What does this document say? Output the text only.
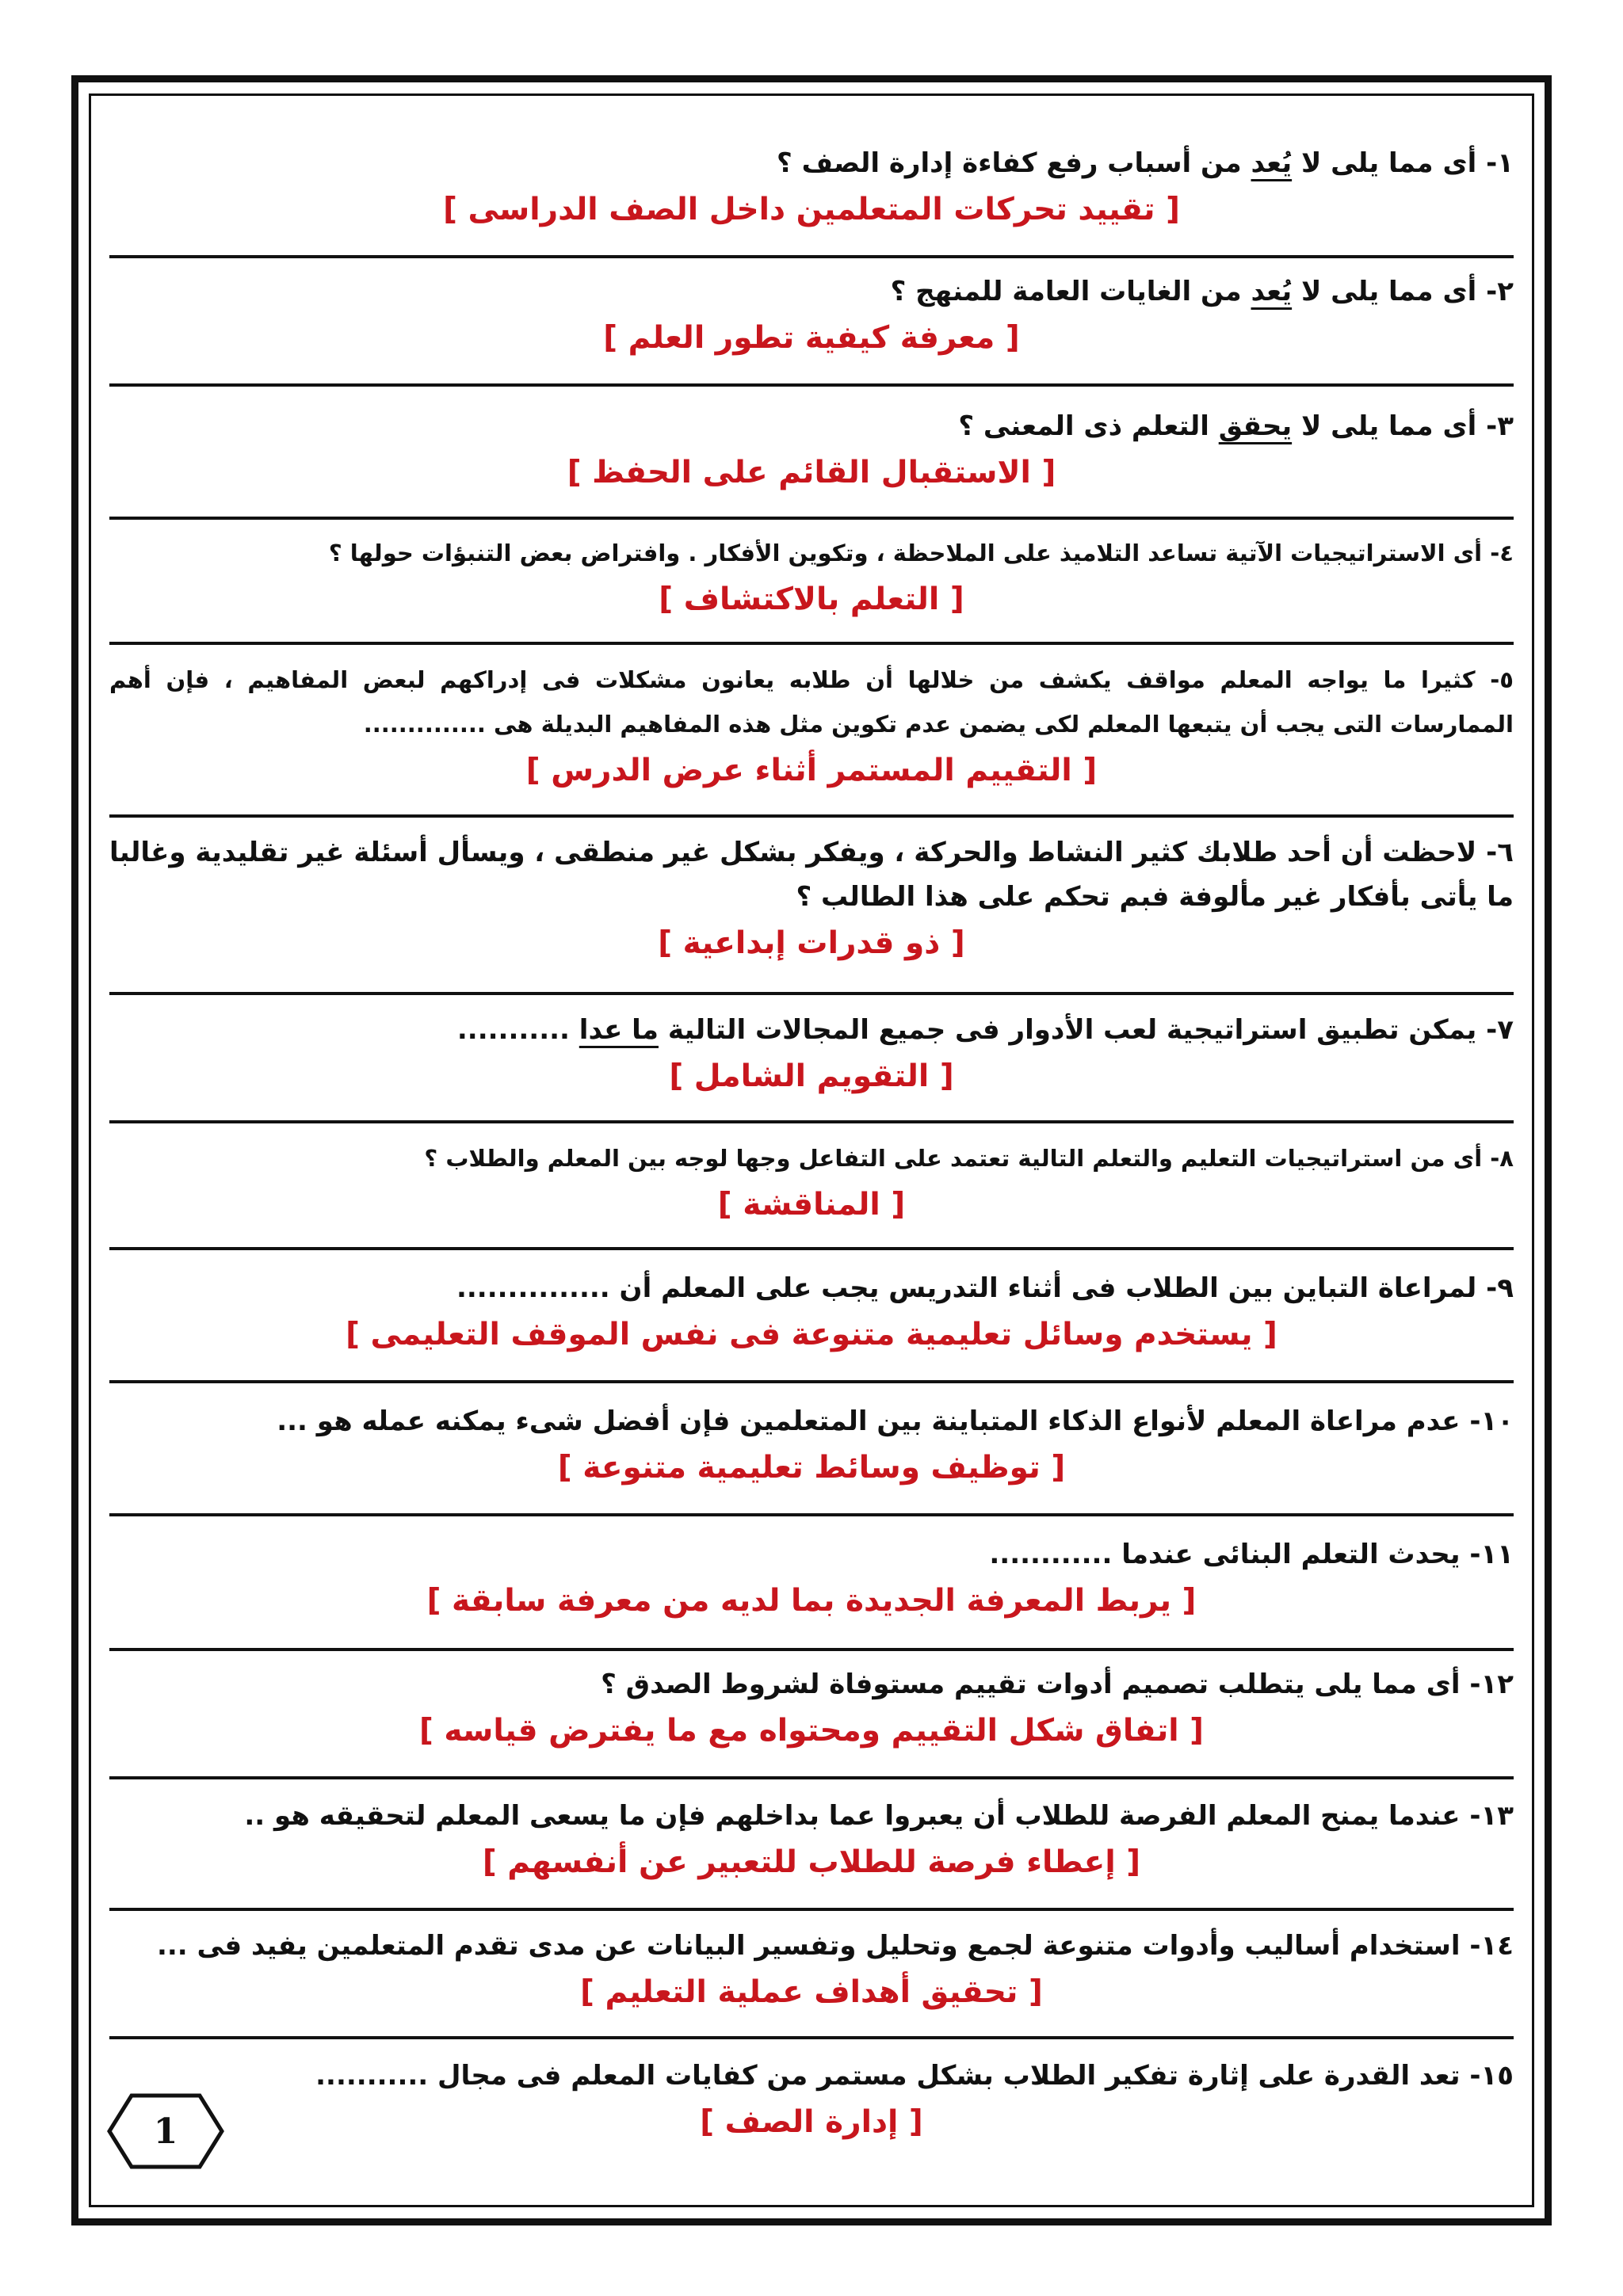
١- أى مما يلى لا يُعد من أسباب رفع كفاءة إدارة الصف ؟
[ تقييد تحركات المتعلمين داخل الصف الدراسى ]
٢- أى مما يلى لا يُعد من الغايات العامة للمنهج ؟
[ معرفة كيفية تطور العلم ]
٣- أى مما يلى لا يحقق التعلم ذى المعنى ؟
[ الاستقبال القائم على الحفظ ]
٤- أى الاستراتيجيات الآتية تساعد التلاميذ على الملاحظة ، وتكوين الأفكار . وافتراض بعض التنبؤات حولها ؟
[ التعلم بالاكتشاف ]
٥- كثيرا ما يواجه المعلم مواقف يكشف من خلالها أن طلابه يعانون مشكلات فى إدراكهم لبعض المفاهيم ، فإن أهم الممارسات التى يجب أن يتبعها المعلم لكى يضمن عدم تكوين مثل هذه المفاهيم البديلة هى ..............
[ التقييم المستمر أثناء عرض الدرس ]
٦- لاحظت أن أحد طلابك كثير النشاط والحركة ، ويفكر بشكل غير منطقى ، ويسأل أسئلة غير تقليدية وغالبا ما يأتى بأفكار غير مألوفة فبم تحكم على هذا الطالب ؟
[ ذو قدرات إبداعية ]
٧- يمكن تطبيق استراتيجية لعب الأدوار فى جميع المجالات التالية ما عدا ...........
[ التقويم الشامل ]
٨- أى من استراتيجيات التعليم والتعلم التالية تعتمد على التفاعل وجها لوجه بين المعلم والطلاب ؟
[ المناقشة ]
٩- لمراعاة التباين بين الطلاب فى أثناء التدريس يجب على المعلم أن ...............
[ يستخدم وسائل تعليمية متنوعة فى نفس الموقف التعليمى ]
١٠- عدم مراعاة المعلم لأنواع الذكاء المتباينة بين المتعلمين فإن أفضل شىء يمكنه عمله هو ...
[ توظيف وسائط تعليمية متنوعة ]
١١- يحدث التعلم البنائى عندما ............
[ يربط المعرفة الجديدة بما لديه من معرفة سابقة ]
١٢- أى مما يلى يتطلب تصميم أدوات تقييم مستوفاة لشروط الصدق ؟
[ اتفاق شكل التقييم ومحتواه مع ما يفترض قياسه ]
١٣- عندما يمنح المعلم الفرصة للطلاب أن يعبروا عما بداخلهم فإن ما يسعى المعلم لتحقيقه هو ..
[ إعطاء فرصة للطلاب للتعبير عن أنفسهم ]
١٤- استخدام أساليب وأدوات متنوعة لجمع وتحليل وتفسير البيانات عن مدى تقدم المتعلمين يفيد فى ...
[ تحقيق أهداف عملية التعليم ]
١٥- تعد القدرة على إثارة تفكير الطلاب بشكل مستمر من كفايات المعلم فى مجال ...........
[ إدارة الصف ]
1
